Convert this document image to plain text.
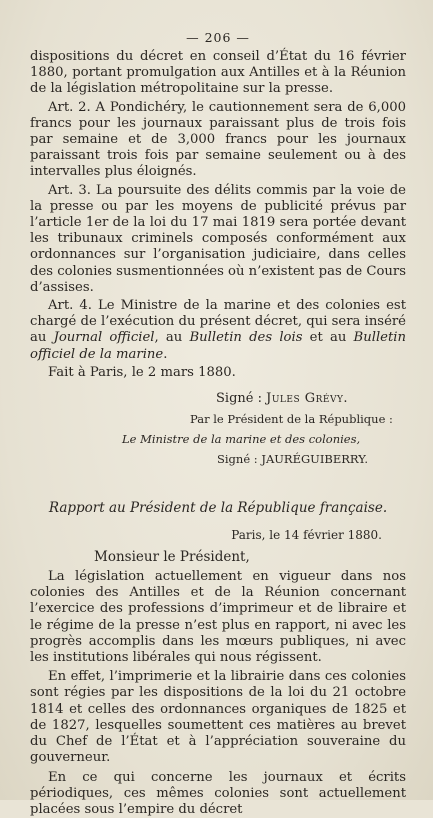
— 206 —

dispositions du décret en conseil d’État du 16 février 1880, portant promulgation aux Antilles et à la Réunion de la législation métropolitaine sur la presse.

Art. 2. A Pondichéry, le cautionnement sera de 6,000 francs pour les journaux paraissant plus de trois fois par semaine et de 3,000 francs pour les journaux paraissant trois fois par semaine seulement ou à des intervalles plus éloignés.

Art. 3. La poursuite des délits commis par la voie de la presse ou par les moyens de publicité prévus par l’article 1er de la loi du 17 mai 1819 sera portée devant les tribunaux criminels composés conformément aux ordonnances sur l’organisation judiciaire, dans celles des colonies susmentionnées où n’existent pas de Cours d’assises.

Art. 4. Le Ministre de la marine et des colonies est chargé de l’exécution du présent décret, qui sera inséré au Journal officiel, au Bulletin des lois et au Bulletin officiel de la marine.

Fait à Paris, le 2 mars 1880.

Signé : Jules Grévy.
Par le Président de la République :
Le Ministre de la marine et des colonies,
Signé : JAURÉGUIBERRY.
Rapport au Président de la République française.
Paris, le 14 février 1880.
Monsieur le Président,

La législation actuellement en vigueur dans nos colonies des Antilles et de la Réunion concernant l’exercice des professions d’imprimeur et de libraire et le régime de la presse n’est plus en rapport, ni avec les progrès accomplis dans les mœurs publiques, ni avec les institutions libérales qui nous régissent.

En effet, l’imprimerie et la librairie dans ces colonies sont régies par les dispositions de la loi du 21 octobre 1814 et celles des ordonnances organiques de 1825 et de 1827, lesquelles soumettent ces matières au brevet du Chef de l’État et à l’appréciation souveraine du gouverneur.

En ce qui concerne les journaux et écrits périodiques, ces mêmes colonies sont actuellement placées sous l’empire du décret
